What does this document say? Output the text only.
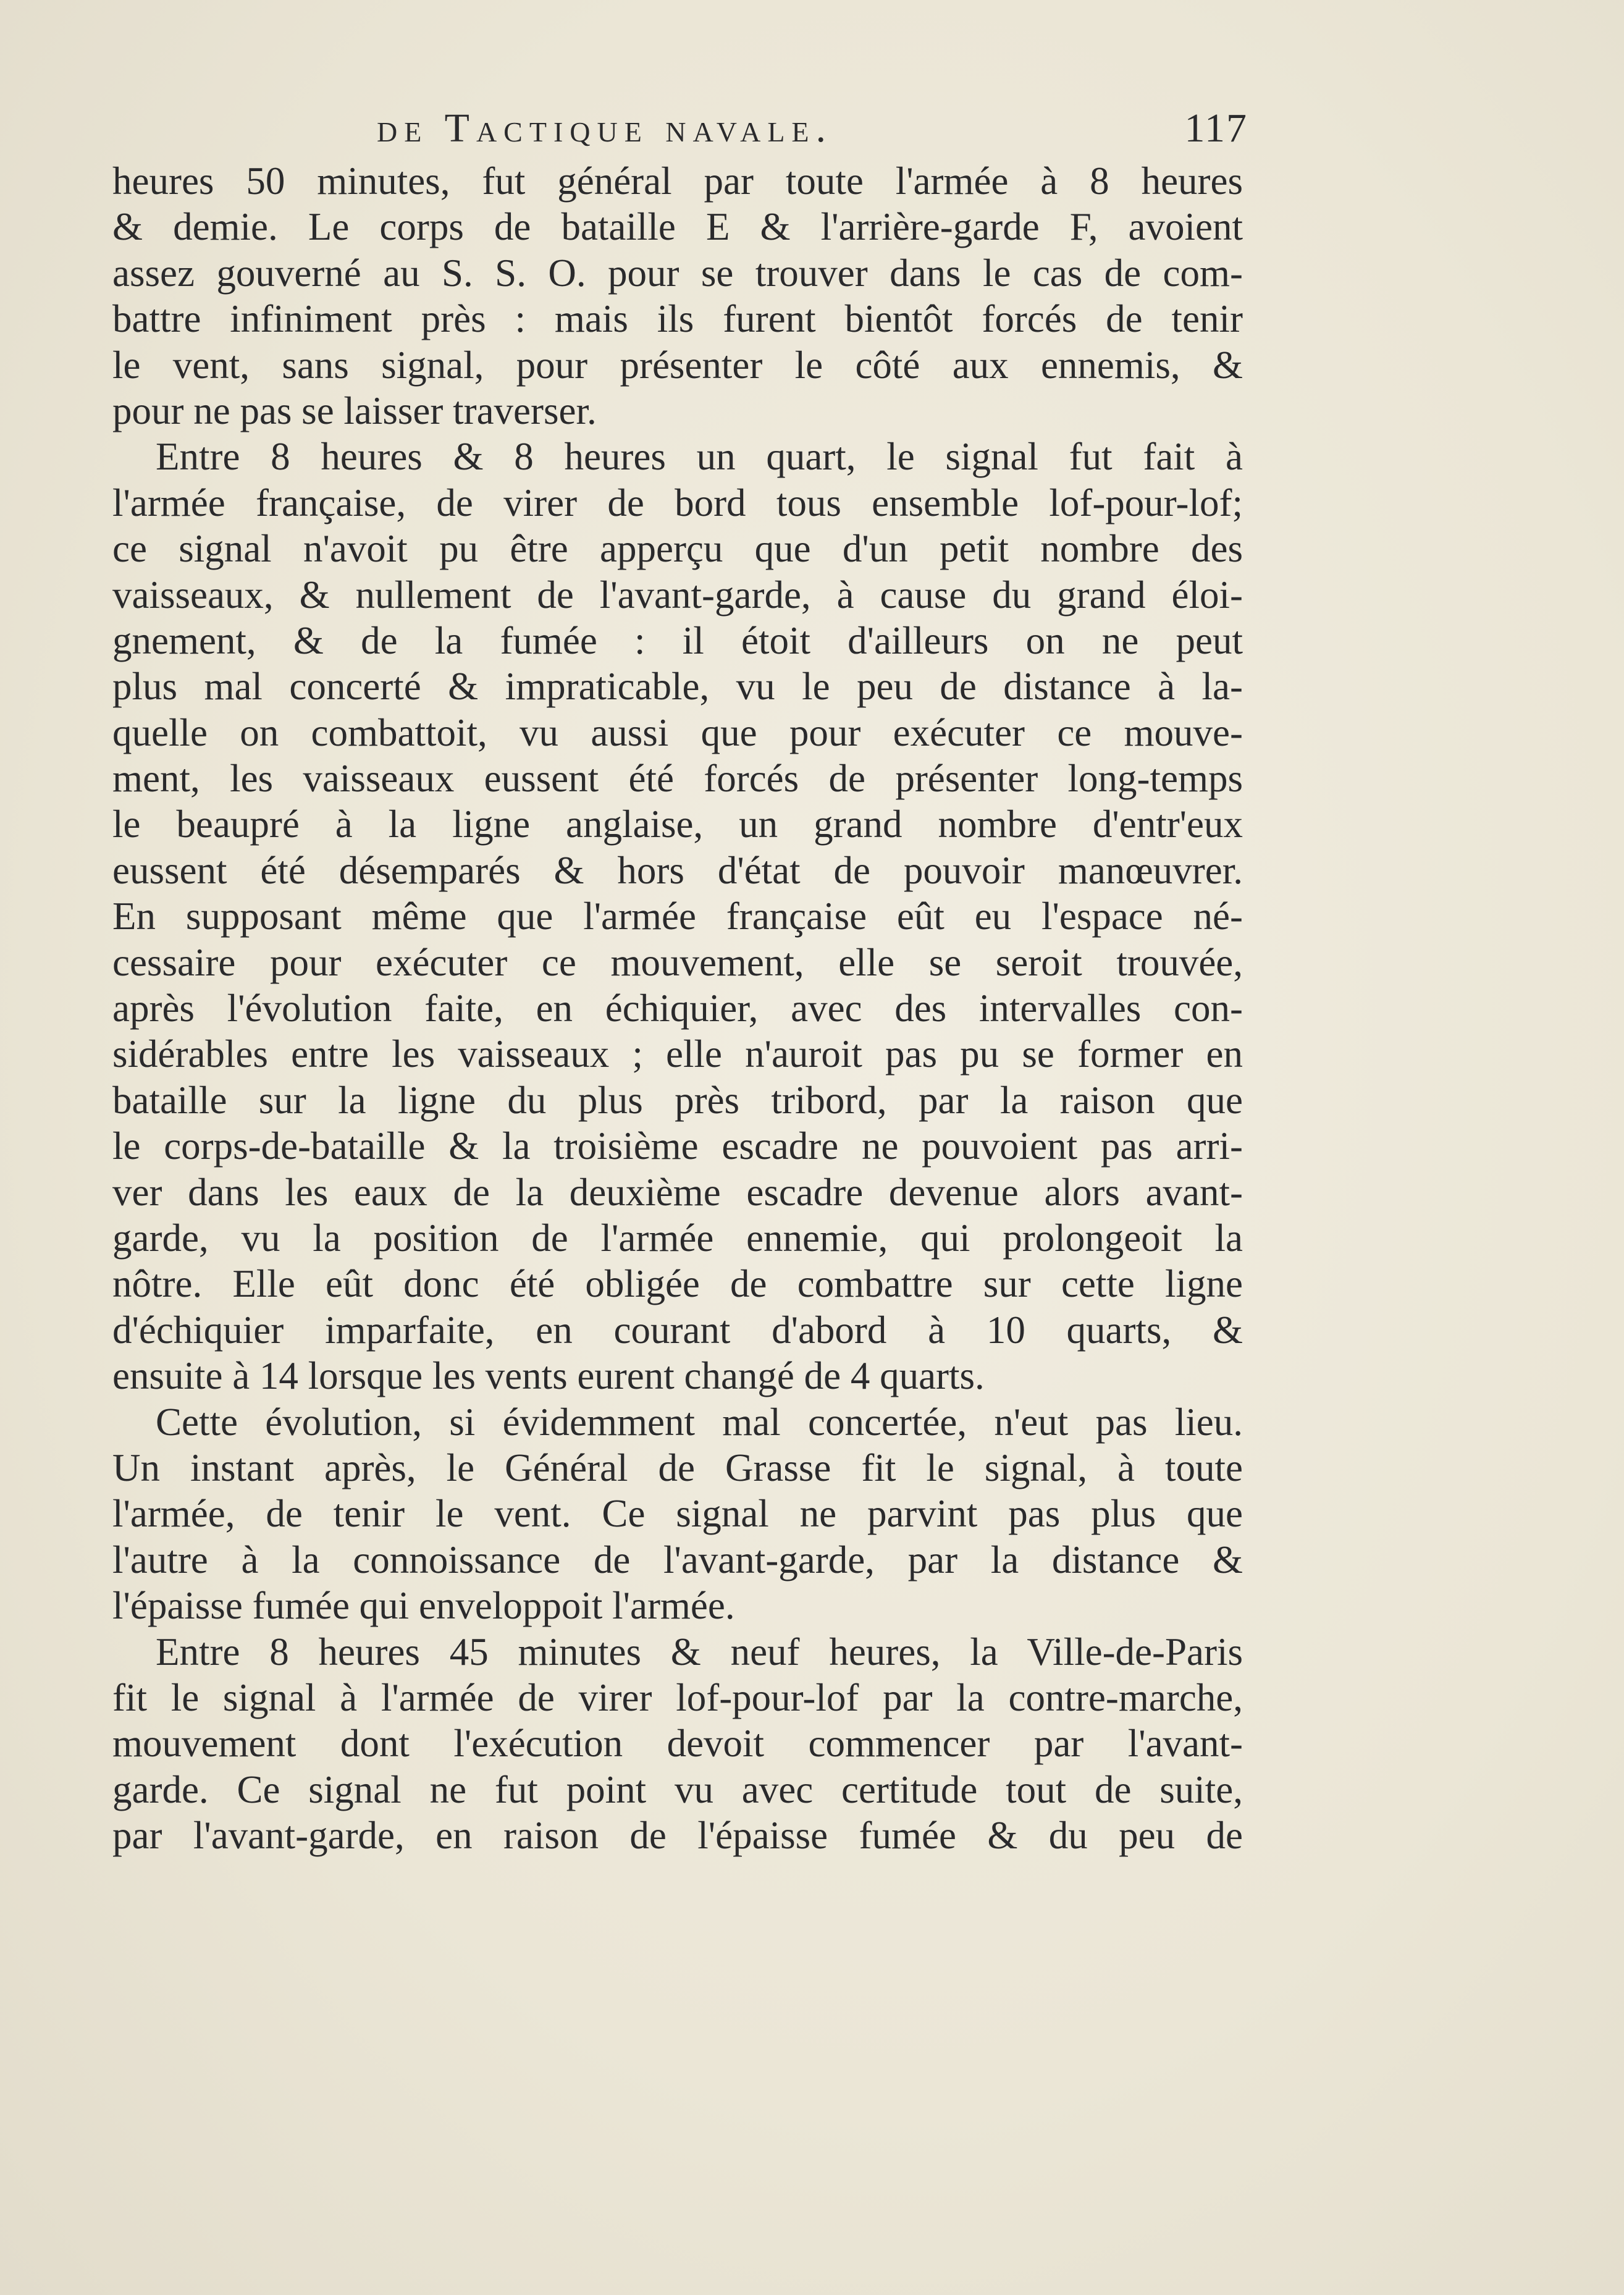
de Tactique navale.	117
heures 50 minutes, fut général par toute l'armée à 8 heures
& demie. Le corps de bataille E & l'arrière-garde F, avoient
assez gouverné au S. S. O. pour se trouver dans le cas de com-
battre infiniment près : mais ils furent bientôt forcés de tenir
le vent, sans signal, pour présenter le côté aux ennemis, &
pour ne pas se laisser traverser.
Entre 8 heures & 8 heures un quart, le signal fut fait à
l'armée française, de virer de bord tous ensemble lof-pour-lof;
ce signal n'avoit pu être apperçu que d'un petit nombre des
vaisseaux, & nullement de l'avant-garde, à cause du grand éloi-
gnement, & de la fumée : il étoit d'ailleurs on ne peut
plus mal concerté & impraticable, vu le peu de distance à la-
quelle on combattoit, vu aussi que pour exécuter ce mouve-
ment, les vaisseaux eussent été forcés de présenter long-temps
le beaupré à la ligne anglaise, un grand nombre d'entr'eux
eussent été désemparés & hors d'état de pouvoir manœuvrer.
En supposant même que l'armée française eût eu l'espace né-
cessaire pour exécuter ce mouvement, elle se seroit trouvée,
après l'évolution faite, en échiquier, avec des intervalles con-
sidérables entre les vaisseaux ; elle n'auroit pas pu se former en
bataille sur la ligne du plus près tribord, par la raison que
le corps-de-bataille & la troisième escadre ne pouvoient pas arri-
ver dans les eaux de la deuxième escadre devenue alors avant-
garde, vu la position de l'armée ennemie, qui prolongeoit la
nôtre. Elle eût donc été obligée de combattre sur cette ligne
d'échiquier imparfaite, en courant d'abord à 10 quarts, &
ensuite à 14 lorsque les vents eurent changé de 4 quarts.
Cette évolution, si évidemment mal concertée, n'eut pas lieu.
Un instant après, le Général de Grasse fit le signal, à toute
l'armée, de tenir le vent. Ce signal ne parvint pas plus que
l'autre à la connoissance de l'avant-garde, par la distance &
l'épaisse fumée qui enveloppoit l'armée.
Entre 8 heures 45 minutes & neuf heures, la Ville-de-Paris
fit le signal à l'armée de virer lof-pour-lof par la contre-marche,
mouvement dont l'exécution devoit commencer par l'avant-
garde. Ce signal ne fut point vu avec certitude tout de suite,
par l'avant-garde, en raison de l'épaisse fumée & du peu de
